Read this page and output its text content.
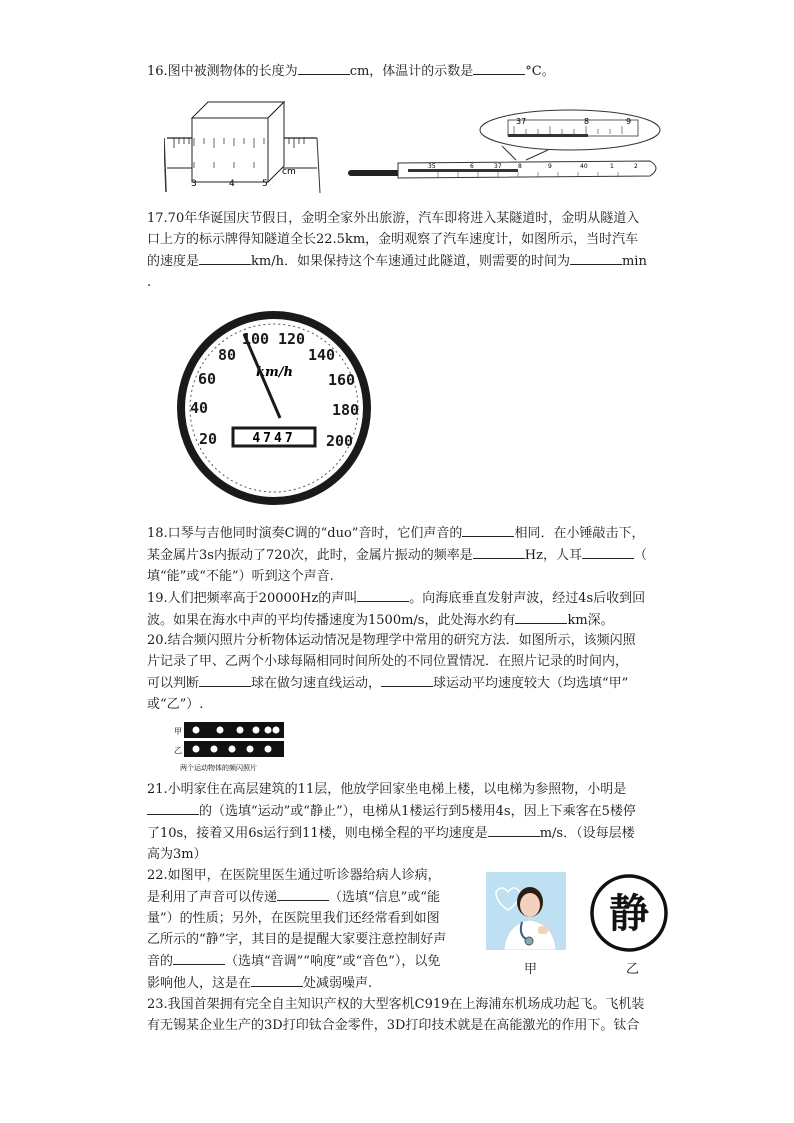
16.图中被测物体的长度为	cm，体温计的示数是	°C。

3	4	5
cm
37	8	9
35	6	37	8	9	40	1	2

17.70年华诞国庆节假日，金明全家外出旅游，汽车即将进入某隧道时，金明从隧道入
口上方的标示牌得知隧道全长22.5km，金明观察了汽车速度计，如图所示，当时汽车
的速度是	km/h．如果保持这个车速通过此隧道，则需要的时间为	min
.

20
40
60
80
100 120
140
160
180
200
km/h
4747

18.口琴与吉他同时演奏C调的“duo”音时，它们声音的	相同．在小锤敲击下，
某金属片3s内振动了720次，此时，金属片振动的频率是	Hz，人耳	（
填“能”或“不能”）听到这个声音.

19.人们把频率高于20000Hz的声叫	。向海底垂直发射声波，经过4s后收到回
波。如果在海水中声的平均传播速度为1500m/s，此处海水约有	km深。

20.结合频闪照片分析物体运动情况是物理学中常用的研究方法．如图所示，该频闪照
片记录了甲、乙两个小球每隔相同时间所处的不同位置情况．在照片记录的时间内，
可以判断	球在做匀速直线运动，	球运动平均速度较大（均选填“甲”
或“乙”）.

甲
乙
两个运动物体的频闪照片

21.小明家住在高层建筑的11层，他放学回家坐电梯上楼，以电梯为参照物，小明是
的（选填“运动”或“静止”），电梯从1楼运行到5楼用4s，因上下乘客在5楼停
了10s，接着又用6s运行到11楼，则电梯全程的平均速度是	m/s．（设每层楼
高为3m）

22.如图甲，在医院里医生通过听诊器给病人诊病，
是利用了声音可以传递	（选填“信息”或“能
量”）的性质；另外，在医院里我们还经常看到如图
乙所示的“静”字，其目的是提醒大家要注意控制好声
音的	（选填“音调”“响度”或“音色”），以免
影响他人，这是在	处减弱噪声.

甲
静
乙

23.我国首架拥有完全自主知识产权的大型客机C919在上海浦东机场成功起飞。飞机装
有无锡某企业生产的3D打印钛合金零件，3D打印技术就是在高能激光的作用下。钛合
